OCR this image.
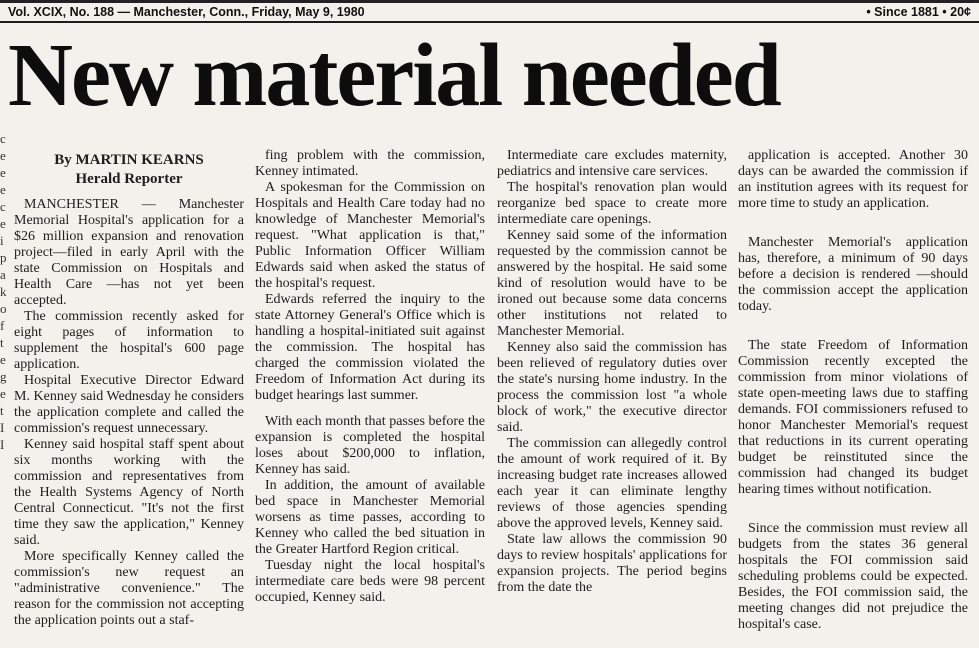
Vol. XCIX, No. 188 — Manchester, Conn., Friday, May 9, 1980	• Since 1881 • 20¢
New material needed
c
e
e
e
c
e
i
p
a
k
o
f
t
e
g
e
t
I
I
By MARTIN KEARNS
Herald Reporter

MANCHESTER — Manchester Memorial Hospital's application for a $26 million expansion and renovation project—filed in early April with the state Commission on Hospitals and Health Care —has not yet been accepted.

The commission recently asked for eight pages of information to supplement the hospital's 600 page application.

Hospital Executive Director Edward M. Kenney said Wednesday he considers the application complete and called the commission's request unnecessary.

Kenney said hospital staff spent about six months working with the commission and representatives from the Health Systems Agency of North Central Connecticut. "It's not the first time they saw the application," Kenney said.

More specifically Kenney called the commission's new request an "administrative convenience." The reason for the commission not accepting the application points out a staf-

fing problem with the commission, Kenney intimated.

A spokesman for the Commission on Hospitals and Health Care today had no knowledge of Manchester Memorial's request. "What application is that," Public Information Officer William Edwards said when asked the status of the hospital's request.

Edwards referred the inquiry to the state Attorney General's Office which is handling a hospital-initiated suit against the commission. The hospital has charged the commission violated the Freedom of Information Act during its budget hearings last summer.

With each month that passes before the expansion is completed the hospital loses about $200,000 to inflation, Kenney has said.

In addition, the amount of available bed space in Manchester Memorial worsens as time passes, according to Kenney who called the bed situation in the Greater Hartford Region critical.

Tuesday night the local hospital's intermediate care beds were 98 percent occupied, Kenney said.

Intermediate care excludes maternity, pediatrics and intensive care services.

The hospital's renovation plan would reorganize bed space to create more intermediate care openings.

Kenney said some of the information requested by the commission cannot be answered by the hospital. He said some kind of resolution would have to be ironed out because some data concerns other institutions not related to Manchester Memorial.

Kenney also said the commission has been relieved of regulatory duties over the state's nursing home industry. In the process the commission lost "a whole block of work," the executive director said.

The commission can allegedly control the amount of work required of it. By increasing budget rate increases allowed each year it can eliminate lengthy reviews of those agencies spending above the approved levels, Kenney said.

State law allows the commission 90 days to review hospitals' applications for expansion projects. The period begins from the date the

application is accepted. Another 30 days can be awarded the commission if an institution agrees with its request for more time to study an application.

Manchester Memorial's application has, therefore, a minimum of 90 days before a decision is rendered —should the commission accept the application today.

The state Freedom of Information Commission recently excepted the commission from minor violations of state open-meeting laws due to staffing demands. FOI commissioners refused to honor Manchester Memorial's request that reductions in its current operating budget be reinstituted since the commission had changed its budget hearing times without notification.

Since the commission must review all budgets from the states 36 general hospitals the FOI commission said scheduling problems could be expected. Besides, the FOI commission said, the meeting changes did not prejudice the hospital's case.
